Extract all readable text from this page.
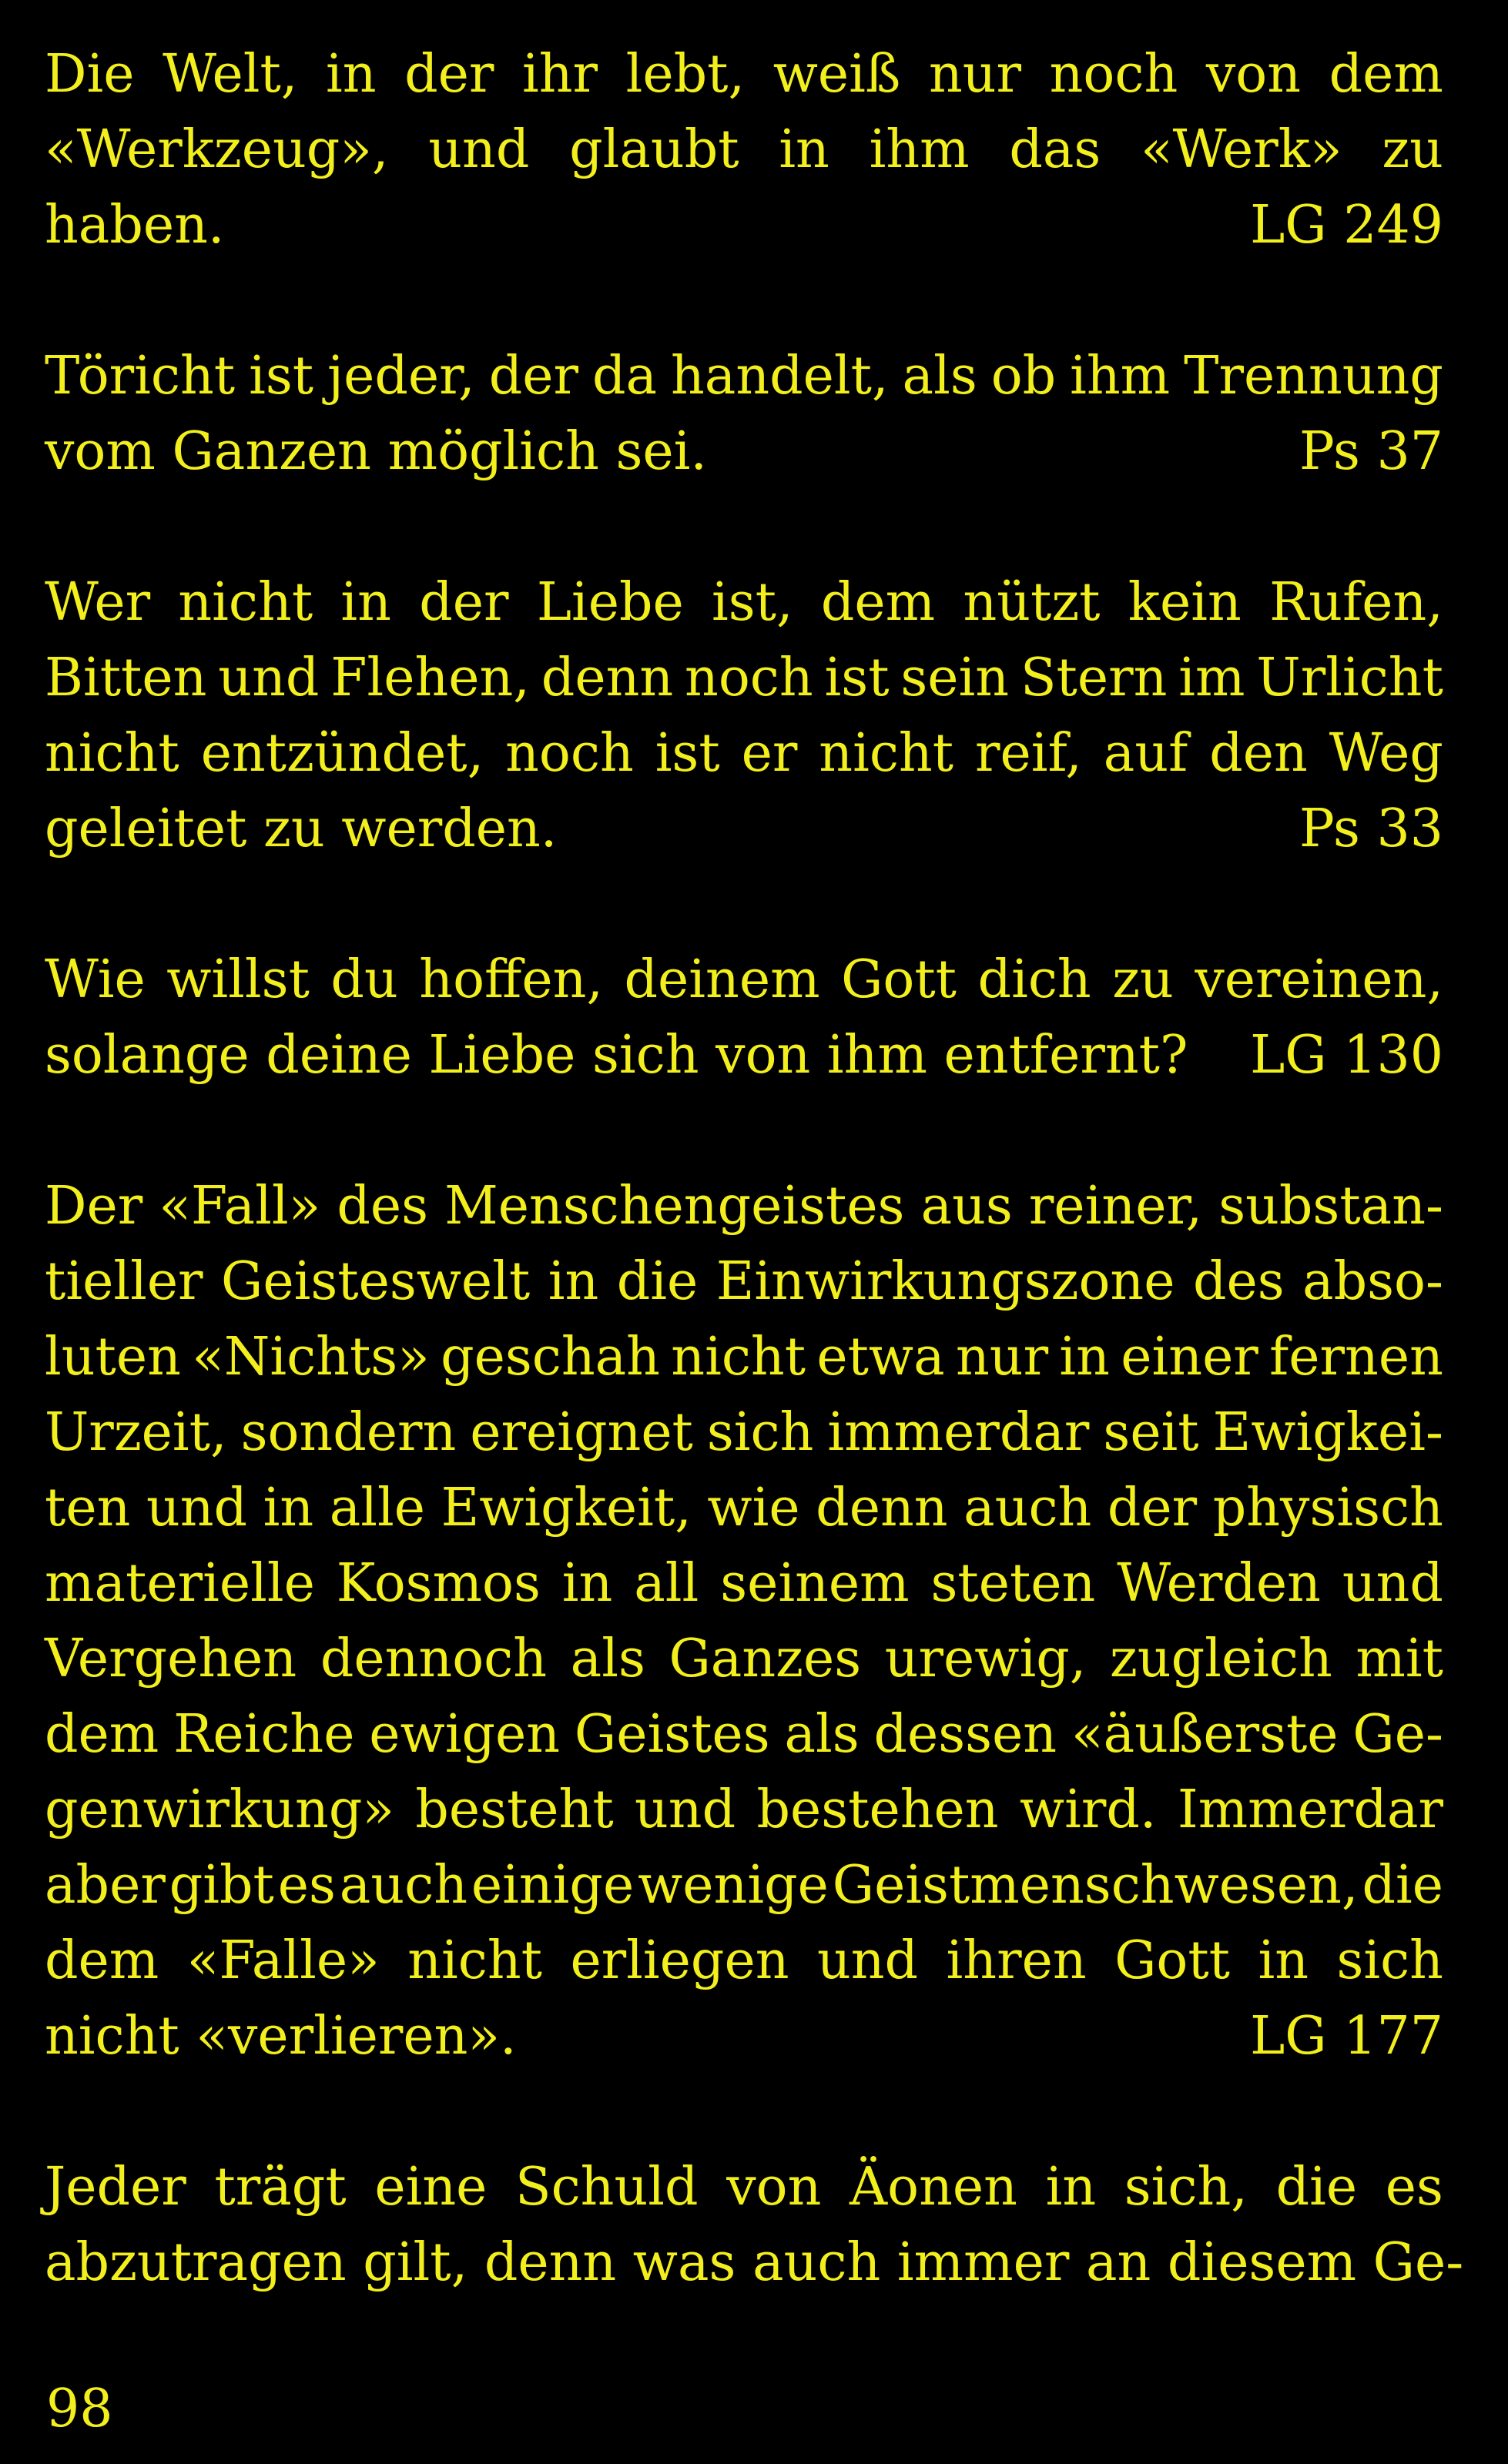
Die Welt, in der ihr lebt, weiß nur noch von dem
«Werkzeug», und glaubt in ihm das «Werk» zu
haben.	LG 249
Töricht ist jeder, der da handelt, als ob ihm Trennung
vom Ganzen möglich sei.	Ps 37
Wer nicht in der Liebe ist, dem nützt kein Rufen,
Bitten und Flehen, denn noch ist sein Stern im Urlicht
nicht entzündet, noch ist er nicht reif, auf den Weg
geleitet zu werden.	Ps 33
Wie willst du hoffen, deinem Gott dich zu vereinen,
solange deine Liebe sich von ihm entfernt? LG 130
Der «Fall» des Menschengeistes aus reiner, substan-
tieller Geisteswelt in die Einwirkungszone des abso-
luten «Nichts» geschah nicht etwa nur in einer fernen
Urzeit, sondern ereignet sich immerdar seit Ewigkei-
ten und in alle Ewigkeit, wie denn auch der physisch
materielle Kosmos in all seinem steten Werden und
Vergehen dennoch als Ganzes urewig, zugleich mit
dem Reiche ewigen Geistes als dessen «äußerste Ge-
genwirkung» besteht und bestehen wird. Immerdar
aber gibt es auch einige wenige Geistmenschwesen, die
dem «Falle» nicht erliegen und ihren Gott in sich
nicht «verlieren».	LG 177
Jeder trägt eine Schuld von Äonen in sich, die es
abzutragen gilt, denn was auch immer an diesem Ge-
98
